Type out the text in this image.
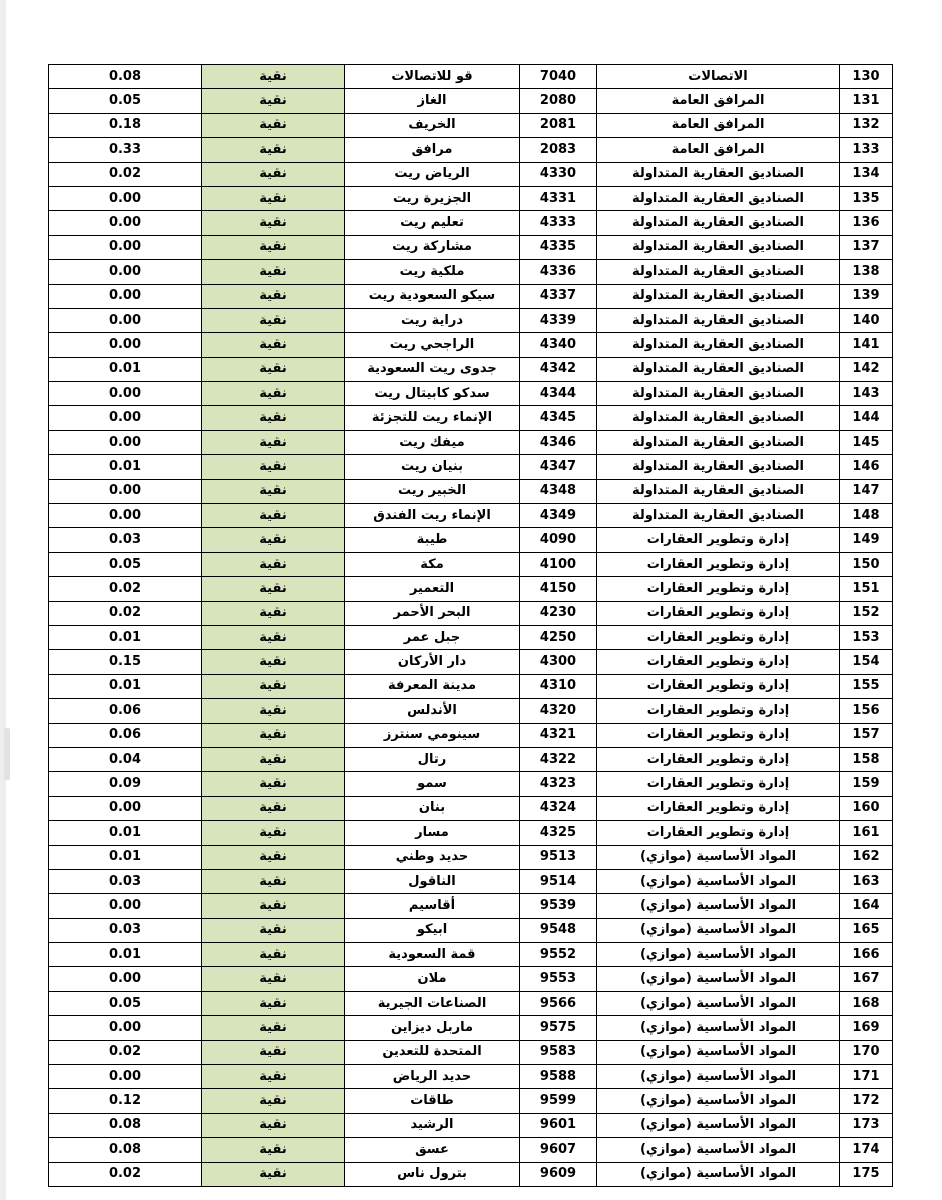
0.08	نقية	قو للاتصالات	7040	الاتصالات	130
0.05	نقية	الغاز	2080	المرافق العامة	131
0.18	نقية	الخريف	2081	المرافق العامة	132
0.33	نقية	مرافق	2083	المرافق العامة	133
0.02	نقية	الرياض ريت	4330	الصناديق العقارية المتداولة	134
0.00	نقية	الجزيرة ريت	4331	الصناديق العقارية المتداولة	135
0.00	نقية	تعليم ريت	4333	الصناديق العقارية المتداولة	136
0.00	نقية	مشاركة ريت	4335	الصناديق العقارية المتداولة	137
0.00	نقية	ملكية ريت	4336	الصناديق العقارية المتداولة	138
0.00	نقية	سيكو السعودية ريت	4337	الصناديق العقارية المتداولة	139
0.00	نقية	دراية ريت	4339	الصناديق العقارية المتداولة	140
0.00	نقية	الراجحي ريت	4340	الصناديق العقارية المتداولة	141
0.01	نقية	جدوى ريت السعودية	4342	الصناديق العقارية المتداولة	142
0.00	نقية	سدكو كابيتال ريت	4344	الصناديق العقارية المتداولة	143
0.00	نقية	الإنماء ريت للتجزئة	4345	الصناديق العقارية المتداولة	144
0.00	نقية	ميفك ريت	4346	الصناديق العقارية المتداولة	145
0.01	نقية	بنيان ريت	4347	الصناديق العقارية المتداولة	146
0.00	نقية	الخبير ريت	4348	الصناديق العقارية المتداولة	147
0.00	نقية	الإنماء ريت الفندق	4349	الصناديق العقارية المتداولة	148
0.03	نقية	طيبة	4090	إدارة وتطوير العقارات	149
0.05	نقية	مكة	4100	إدارة وتطوير العقارات	150
0.02	نقية	التعمير	4150	إدارة وتطوير العقارات	151
0.02	نقية	البحر الأحمر	4230	إدارة وتطوير العقارات	152
0.01	نقية	جبل عمر	4250	إدارة وتطوير العقارات	153
0.15	نقية	دار الأركان	4300	إدارة وتطوير العقارات	154
0.01	نقية	مدينة المعرفة	4310	إدارة وتطوير العقارات	155
0.06	نقية	الأندلس	4320	إدارة وتطوير العقارات	156
0.06	نقية	سينومي سنترز	4321	إدارة وتطوير العقارات	157
0.04	نقية	رتال	4322	إدارة وتطوير العقارات	158
0.09	نقية	سمو	4323	إدارة وتطوير العقارات	159
0.00	نقية	بنان	4324	إدارة وتطوير العقارات	160
0.01	نقية	مسار	4325	إدارة وتطوير العقارات	161
0.01	نقية	حديد وطني	9513	المواد الأساسية (موازي)	162
0.03	نقية	الناقول	9514	المواد الأساسية (موازي)	163
0.00	نقية	أقاسيم	9539	المواد الأساسية (موازي)	164
0.03	نقية	ابيكو	9548	المواد الأساسية (موازي)	165
0.01	نقية	قمة السعودية	9552	المواد الأساسية (موازي)	166
0.00	نقية	ملان	9553	المواد الأساسية (موازي)	167
0.05	نقية	الصناعات الجيرية	9566	المواد الأساسية (موازي)	168
0.00	نقية	ماربل ديزاين	9575	المواد الأساسية (موازي)	169
0.02	نقية	المتحدة للتعدين	9583	المواد الأساسية (موازي)	170
0.00	نقية	حديد الرياض	9588	المواد الأساسية (موازي)	171
0.12	نقية	طاقات	9599	المواد الأساسية (موازي)	172
0.08	نقية	الرشيد	9601	المواد الأساسية (موازي)	173
0.08	نقية	عسق	9607	المواد الأساسية (موازي)	174
0.02	نقية	بترول ناس	9609	المواد الأساسية (موازي)	175
